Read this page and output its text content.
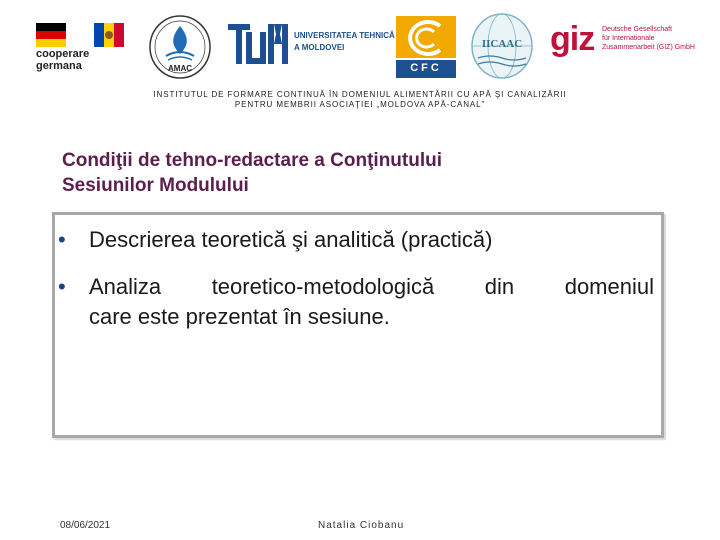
cooperare
germana	AMAC
UNIVERSITATEA TEHNICĂ
A MOLDOVEI
CFC
IICAAC giz Deutsche Gesellschaft
für Internationale
Zusammenarbeit (GIZ) GmbH
INSTITUTUL DE FORMARE CONTINUĂ ÎN DOMENIUL ALIMENTĂRII CU APĂ ŞI CANALIZĂRII
PENTRU MEMBRII ASOCIAŢIEI „MOLDOVA APĂ-CANAL”
Condiţii de tehno-redactare a Conţinutului
Sesiunilor Modulului
• Descrierea teoretică şi analitică (practică)
• Analiza teoretico-metodologică din domeniul
care este prezentat în sesiune.
08/06/2021	Natalia Ciobanu
